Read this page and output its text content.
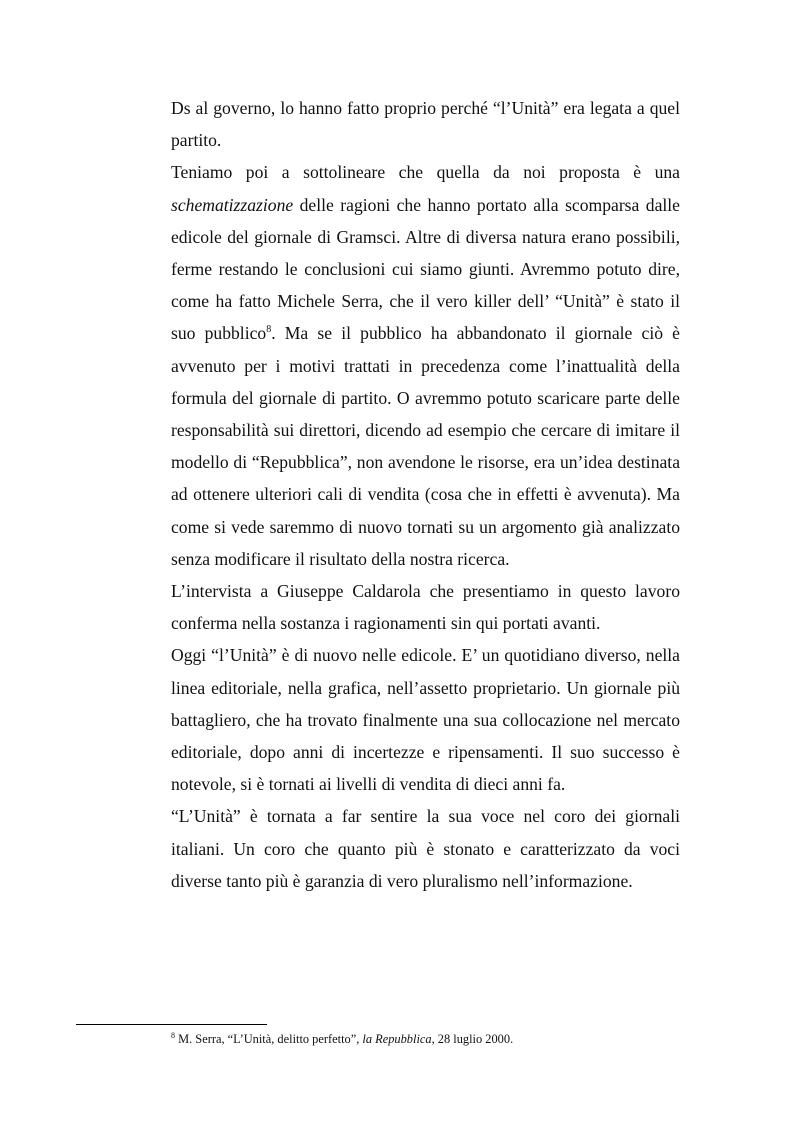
Ds al governo, lo hanno fatto proprio perché “l’Unità” era legata a quel partito.

Teniamo poi a sottolineare che quella da noi proposta è una schematizzazione delle ragioni che hanno portato alla scomparsa dalle edicole del giornale di Gramsci. Altre di diversa natura erano possibili, ferme restando le conclusioni cui siamo giunti. Avremmo potuto dire, come ha fatto Michele Serra, che il vero killer dell’ “Unità” è stato il suo pubblico$^8$. Ma se il pubblico ha abbandonato il giornale ciò è avvenuto per i motivi trattati in precedenza come l’inattualità della formula del giornale di partito. O avremmo potuto scaricare parte delle responsabilità sui direttori, dicendo ad esempio che cercare di imitare il modello di “Repubblica”, non avendone le risorse, era un’idea destinata ad ottenere ulteriori cali di vendita (cosa che in effetti è avvenuta). Ma come si vede saremmo di nuovo tornati su un argomento già analizzato senza modificare il risultato della nostra ricerca.

L’intervista a Giuseppe Caldarola che presentiamo in questo lavoro conferma nella sostanza i ragionamenti sin qui portati avanti.

Oggi “l’Unità” è di nuovo nelle edicole. E’ un quotidiano diverso, nella linea editoriale, nella grafica, nell’assetto proprietario. Un giornale più battagliero, che ha trovato finalmente una sua collocazione nel mercato editoriale, dopo anni di incertezze e ripensamenti. Il suo successo è notevole, si è tornati ai livelli di vendita di dieci anni fa.

“L’Unità” è tornata a far sentire la sua voce nel coro dei giornali italiani. Un coro che quanto più è stonato e caratterizzato da voci diverse tanto più è garanzia di vero pluralismo nell’informazione.

$^8$ M. Serra, “L’Unità, delitto perfetto”, la Repubblica, 28 luglio 2000.
